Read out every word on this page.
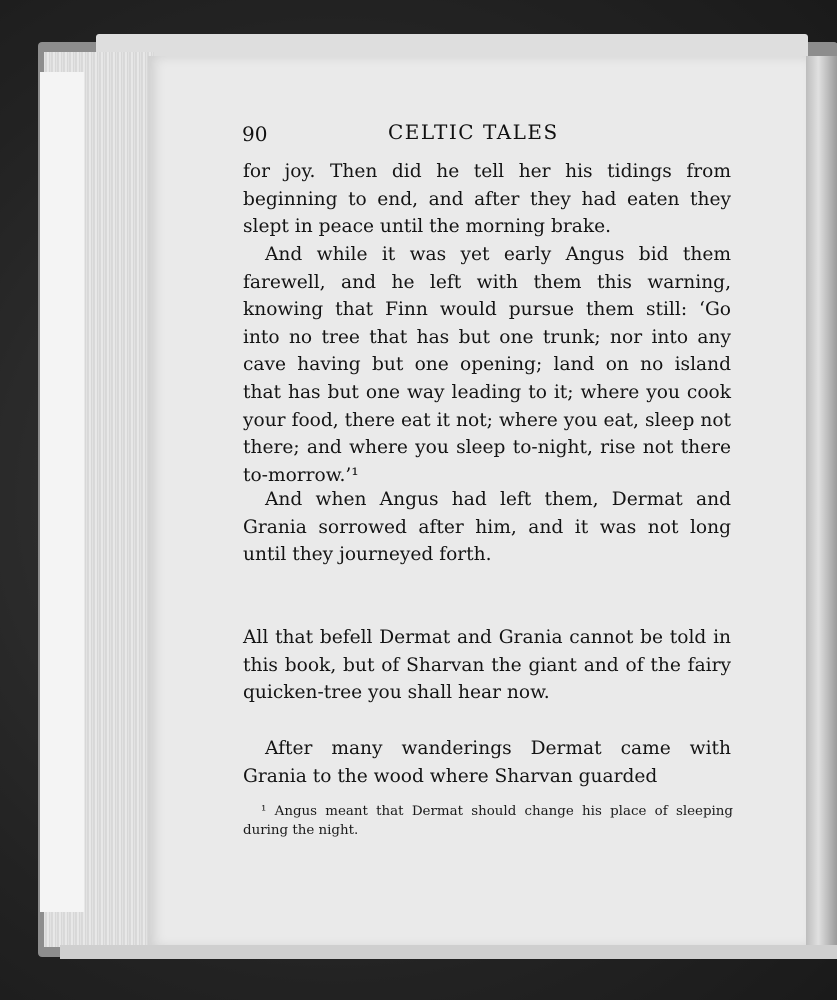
90	CELTIC TALES
for joy. Then did he tell her his tidings from beginning to end, and after they had eaten they slept in peace until the morning brake.
And while it was yet early Angus bid them farewell, and he left with them this warning, knowing that Finn would pursue them still: ‘Go into no tree that has but one trunk; nor into any cave having but one opening; land on no island that has but one way leading to it; where you cook your food, there eat it not; where you eat, sleep not there; and where you sleep to-night, rise not there to-morrow.’¹
And when Angus had left them, Dermat and Grania sorrowed after him, and it was not long until they journeyed forth.
All that befell Dermat and Grania cannot be told in this book, but of Sharvan the giant and of the fairy quicken-tree you shall hear now.
After many wanderings Dermat came with Grania to the wood where Sharvan guarded
¹ Angus meant that Dermat should change his place of sleeping during the night.
